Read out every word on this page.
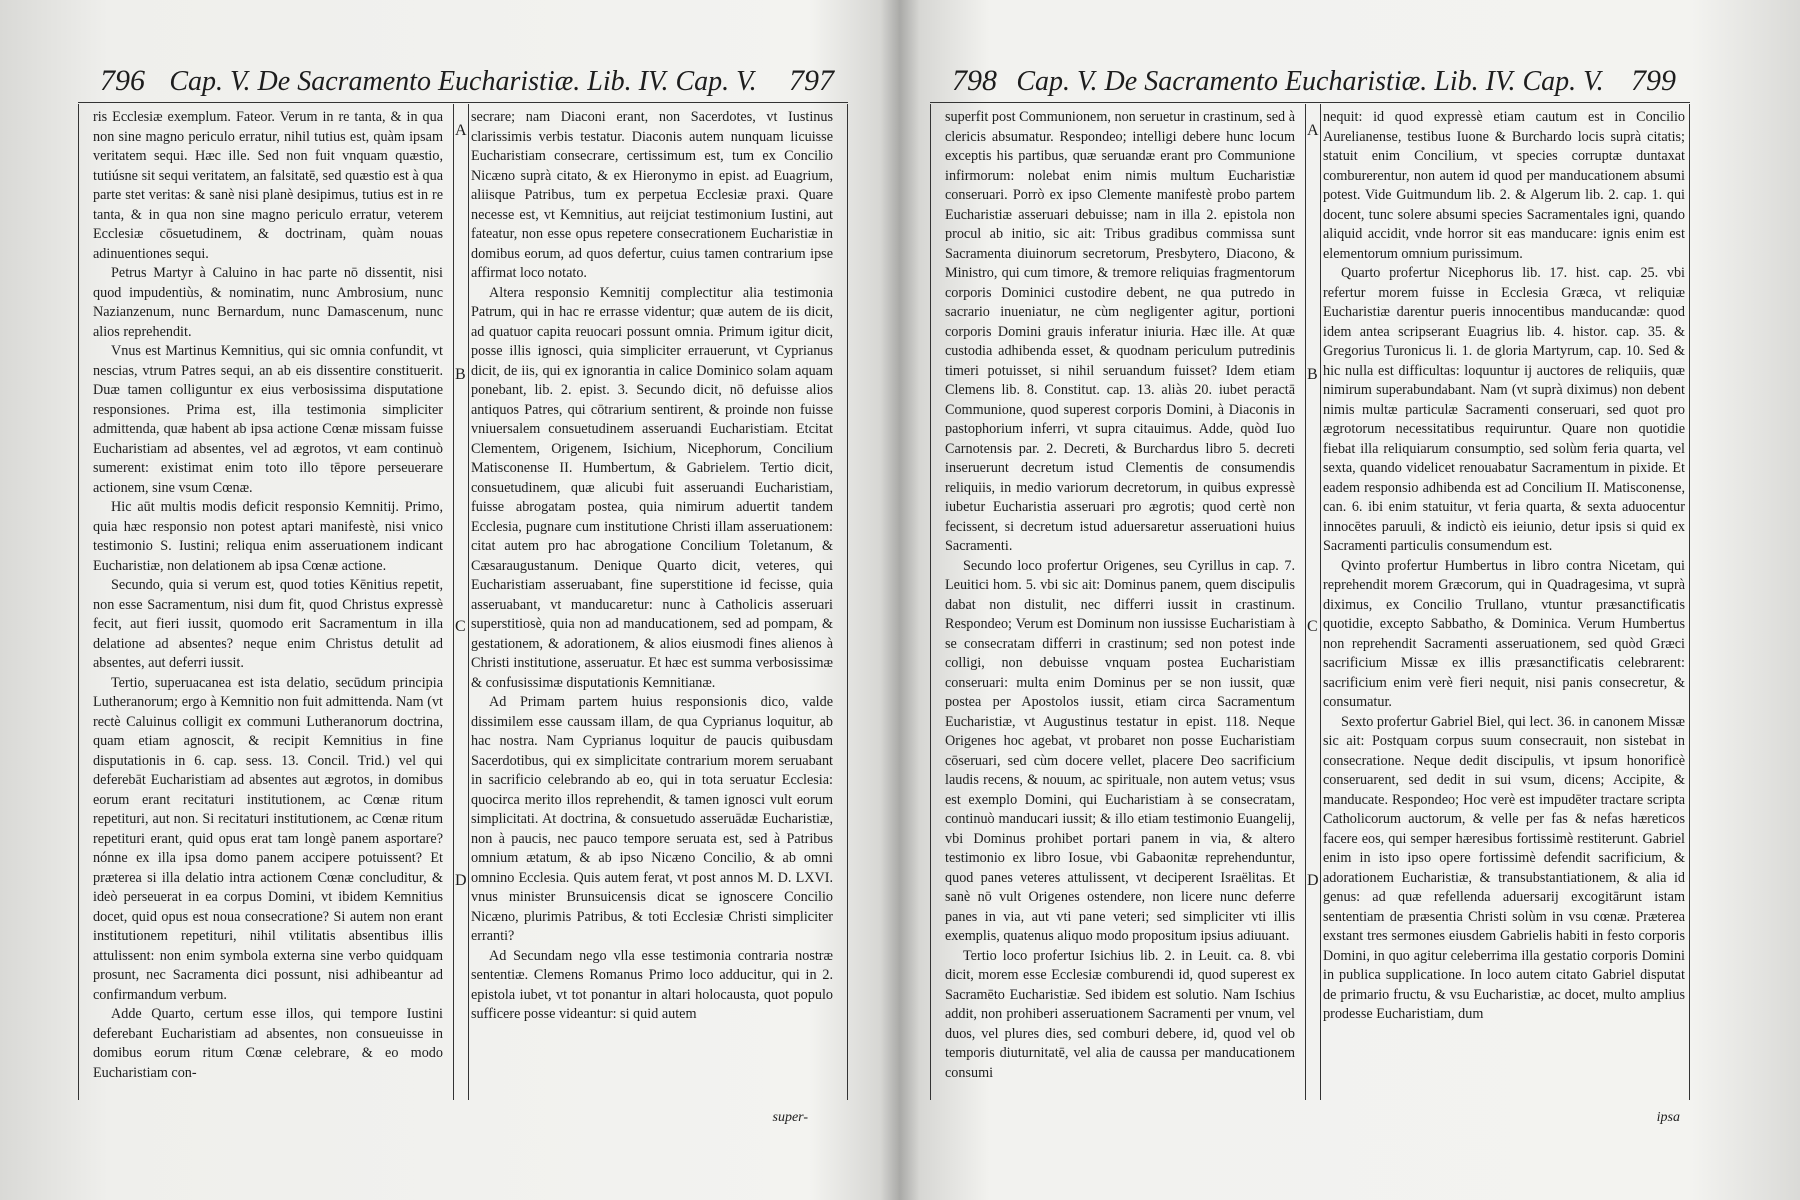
796 Cap. V. De Sacramento Eucharistiæ. Lib. IV. Cap. V.	797

ris Ecclesiæ exemplum. Fateor. Verum in re tanta, & in qua non sine magno periculo erratur, nihil tutius est, quàm ipsam veritatem sequi. Hæc ille. Sed non fuit vnquam quæstio, tutiúsne sit sequi veritatem, an falsitatē, sed quæstio est à qua parte stet veritas: & sanè nisi planè desipimus, tutius est in re tanta, & in qua non sine magno periculo erratur, veterem Ecclesiæ cōsuetudinem, & doctrinam, quàm nouas adinuentiones sequi.

Petrus Martyr à Caluino in hac parte nō dissentit, nisi quod impudentiùs, & nominatim, nunc Ambrosium, nunc Nazianzenum, nunc Bernardum, nunc Damascenum, nunc alios reprehendit.

Vnus est Martinus Kemnitius, qui sic omnia confundit, vt nescias, vtrum Patres sequi, an ab eis dissentire constituerit. Duæ tamen colliguntur ex eius verbosissima disputatione responsiones. Prima est, illa testimonia simpliciter admittenda, quæ habent ab ipsa actione Cœnæ missam fuisse Eucharistiam ad absentes, vel ad ægrotos, vt eam continuò sumerent: existimat enim toto illo tēpore perseuerare actionem, sine vsum Cœnæ.

Hic aūt multis modis deficit responsio Kemnitij. Primo, quia hæc responsio non potest aptari manifestè, nisi vnico testimonio S. Iustini; reliqua enim asseruationem indicant Eucharistiæ, non delationem ab ipsa Cœnæ actione.

Secundo, quia si verum est, quod toties Kēnitius repetit, non esse Sacramentum, nisi dum fit, quod Christus expressè fecit, aut fieri iussit, quomodo erit Sacramentum in illa delatione ad absentes? neque enim Christus detulit ad absentes, aut deferri iussit.

Tertio, superuacanea est ista delatio, secūdum principia Lutheranorum; ergo à Kemnitio non fuit admittenda. Nam (vt rectè Caluinus colligit ex communi Lutheranorum doctrina, quam etiam agnoscit, & recipit Kemnitius in fine disputationis in 6. cap. sess. 13. Concil. Trid.) vel qui deferebāt Eucharistiam ad absentes aut ægrotos, in domibus eorum erant recitaturi institutionem, ac Cœnæ ritum repetituri, aut non. Si recitaturi institutionem, ac Cœnæ ritum repetituri erant, quid opus erat tam longè panem asportare? nónne ex illa ipsa domo panem accipere potuissent? Et præterea si illa delatio intra actionem Cœnæ concluditur, & ideò perseuerat in ea corpus Domini, vt ibidem Kemnitius docet, quid opus est noua consecratione? Si autem non erant institutionem repetituri, nihil vtilitatis absentibus illis attulissent: non enim symbola externa sine verbo quidquam prosunt, nec Sacramenta dici possunt, nisi adhibeantur ad confirmandum verbum.

Adde Quarto, certum esse illos, qui tempore Iustini deferebant Eucharistiam ad absentes, non consueuisse in domibus eorum ritum Cœnæ celebrare, & eo modo Eucharistiam con-

A
B
C
D

secrare; nam Diaconi erant, non Sacerdotes, vt Iustinus clarissimis verbis testatur. Diaconis autem nunquam licuisse Eucharistiam consecrare, certissimum est, tum ex Concilio Nicæno suprà citato, & ex Hieronymo in epist. ad Euagrium, aliisque Patribus, tum ex perpetua Ecclesiæ praxi. Quare necesse est, vt Kemnitius, aut reijciat testimonium Iustini, aut fateatur, non esse opus repetere consecrationem Eucharistiæ in domibus eorum, ad quos defertur, cuius tamen contrarium ipse affirmat loco notato.

Altera responsio Kemnitij complectitur alia testimonia Patrum, qui in hac re errasse videntur; quæ autem de iis dicit, ad quatuor capita reuocari possunt omnia. Primum igitur dicit, posse illis ignosci, quia simpliciter errauerunt, vt Cyprianus dicit, de iis, qui ex ignorantia in calice Dominico solam aquam ponebant, lib. 2. epist. 3. Secundo dicit, nō defuisse alios antiquos Patres, qui cōtrarium sentirent, & proinde non fuisse vniuersalem consuetudinem asseruandi Eucharistiam. Etcitat Clementem, Origenem, Isichium, Nicephorum, Concilium Matisconense II. Humbertum, & Gabrielem. Tertio dicit, consuetudinem, quæ alicubi fuit asseruandi Eucharistiam, fuisse abrogatam postea, quia nimirum aduertit tandem Ecclesia, pugnare cum institutione Christi illam asseruationem: citat autem pro hac abrogatione Concilium Toletanum, & Cæsaraugustanum. Denique Quarto dicit, veteres, qui Eucharistiam asseruabant, fine superstitione id fecisse, quia asseruabant, vt manducaretur: nunc à Catholicis asseruari superstitiosè, quia non ad manducationem, sed ad pompam, & gestationem, & adorationem, & alios eiusmodi fines alienos à Christi institutione, asseruatur. Et hæc est summa verbosissimæ & confusissimæ disputationis Kemnitianæ.

Ad Primam partem huius responsionis dico, valde dissimilem esse caussam illam, de qua Cyprianus loquitur, ab hac nostra. Nam Cyprianus loquitur de paucis quibusdam Sacerdotibus, qui ex simplicitate contrarium morem seruabant in sacrificio celebrando ab eo, qui in tota seruatur Ecclesia: quocirca merito illos reprehendit, & tamen ignosci vult eorum simplicitati. At doctrina, & consuetudo asseruādæ Eucharistiæ, non à paucis, nec pauco tempore seruata est, sed à Patribus omnium ætatum, & ab ipso Nicæno Concilio, & ab omni omnino Ecclesia. Quis autem ferat, vt post annos M. D. LXVI. vnus minister Brunsuicensis dicat se ignoscere Concilio Nicæno, plurimis Patribus, & toti Ecclesiæ Christi simpliciter erranti?

Ad Secundam nego vlla esse testimonia contraria nostræ sententiæ. Clemens Romanus Primo loco adducitur, qui in 2. epistola iubet, vt tot ponantur in altari holocausta, quot populo sufficere posse videantur: si quid autem

super-
798 Cap. V. De Sacramento Eucharistiæ. Lib. IV. Cap. V. 799

superfit post Communionem, non seruetur in crastinum, sed à clericis absumatur. Respondeo; intelligi debere hunc locum exceptis his partibus, quæ seruandæ erant pro Communione infirmorum: nolebat enim nimis multum Eucharistiæ conseruari. Porrò ex ipso Clemente manifestè probo partem Eucharistiæ asseruari debuisse; nam in illa 2. epistola non procul ab initio, sic ait: Tribus gradibus commissa sunt Sacramenta diuinorum secretorum, Presbytero, Diacono, & Ministro, qui cum timore, & tremore reliquias fragmentorum corporis Dominici custodire debent, ne qua putredo in sacrario inueniatur, ne cùm negligenter agitur, portioni corporis Domini grauis inferatur iniuria. Hæc ille. At quæ custodia adhibenda esset, & quodnam periculum putredinis timeri potuisset, si nihil seruandum fuisset? Idem etiam Clemens lib. 8. Constitut. cap. 13. aliàs 20. iubet peractā Communione, quod superest corporis Domini, à Diaconis in pastophorium inferri, vt supra citauimus. Adde, quòd Iuo Carnotensis par. 2. Decreti, & Burchardus libro 5. decreti inseruerunt decretum istud Clementis de consumendis reliquiis, in medio variorum decretorum, in quibus expressè iubetur Eucharistia asseruari pro ægrotis; quod certè non fecissent, si decretum istud aduersaretur asseruationi huius Sacramenti.

Secundo loco profertur Origenes, seu Cyrillus in cap. 7. Leuitici hom. 5. vbi sic ait: Dominus panem, quem discipulis dabat non distulit, nec differri iussit in crastinum. Respondeo; Verum est Dominum non iussisse Eucharistiam à se consecratam differri in crastinum; sed non potest inde colligi, non debuisse vnquam postea Eucharistiam conseruari: multa enim Dominus per se non iussit, quæ postea per Apostolos iussit, etiam circa Sacramentum Eucharistiæ, vt Augustinus testatur in epist. 118. Neque Origenes hoc agebat, vt probaret non posse Eucharistiam cōseruari, sed cùm docere vellet, placere Deo sacrificium laudis recens, & nouum, ac spirituale, non autem vetus; vsus est exemplo Domini, qui Eucharistiam à se consecratam, continuò manducari iussit; & illo etiam testimonio Euangelij, vbi Dominus prohibet portari panem in via, & altero testimonio ex libro Iosue, vbi Gabaonitæ reprehenduntur, quod panes veteres attulissent, vt deciperent Israëlitas. Et sanè nō vult Origenes ostendere, non licere nunc deferre panes in via, aut vti pane veteri; sed simpliciter vti illis exemplis, quatenus aliquo modo propositum ipsius adiuuant.

Tertio loco profertur Isichius lib. 2. in Leuit. ca. 8. vbi dicit, morem esse Ecclesiæ comburendi id, quod superest ex Sacramēto Eucharistiæ. Sed ibidem est solutio. Nam Ischius addit, non prohiberi asseruationem Sacramenti per vnum, vel duos, vel plures dies, sed comburi debere, id, quod vel ob temporis diuturnitatē, vel alia de caussa per manducationem consumi

A
B
C
D

nequit: id quod expressè etiam cautum est in Concilio Aurelianense, testibus Iuone & Burchardo locis suprà citatis; statuit enim Concilium, vt species corruptæ duntaxat comburerentur, non autem id quod per manducationem absumi potest. Vide Guitmundum lib. 2. & Algerum lib. 2. cap. 1. qui docent, tunc solere absumi species Sacramentales igni, quando aliquid accidit, vnde horror sit eas manducare: ignis enim est elementorum omnium purissimum.

Quarto profertur Nicephorus lib. 17. hist. cap. 25. vbi refertur morem fuisse in Ecclesia Græca, vt reliquiæ Eucharistiæ darentur pueris innocentibus manducandæ: quod idem antea scripserant Euagrius lib. 4. histor. cap. 35. & Gregorius Turonicus li. 1. de gloria Martyrum, cap. 10. Sed & hic nulla est difficultas: loquuntur ij auctores de reliquiis, quæ nimirum superabundabant. Nam (vt suprà diximus) non debent nimis multæ particulæ Sacramenti conseruari, sed quot pro ægrotorum necessitatibus requiruntur. Quare non quotidie fiebat illa reliquiarum consumptio, sed solùm feria quarta, vel sexta, quando videlicet renouabatur Sacramentum in pixide. Et eadem responsio adhibenda est ad Concilium II. Matisconense, can. 6. ibi enim statuitur, vt feria quarta, & sexta aduocentur innocētes paruuli, & indictò eis ieiunio, detur ipsis si quid ex Sacramenti particulis consumendum est.

Qvinto profertur Humbertus in libro contra Nicetam, qui reprehendit morem Græcorum, qui in Quadragesima, vt suprà diximus, ex Concilio Trullano, vtuntur præsanctificatis quotidie, excepto Sabbatho, & Dominica. Verum Humbertus non reprehendit Sacramenti asseruationem, sed quòd Græci sacrificium Missæ ex illis præsanctificatis celebrarent: sacrificium enim verè fieri nequit, nisi panis consecretur, & consumatur.

Sexto profertur Gabriel Biel, qui lect. 36. in canonem Missæ sic ait: Postquam corpus suum consecrauit, non sistebat in consecratione. Neque dedit discipulis, vt ipsum honorificè conseruarent, sed dedit in sui vsum, dicens; Accipite, & manducate. Respondeo; Hoc verè est impudēter tractare scripta Catholicorum auctorum, & velle per fas & nefas hæreticos facere eos, qui semper hæresibus fortissimè restiterunt. Gabriel enim in isto ipso opere fortissimè defendit sacrificium, & adorationem Eucharistiæ, & transubstantiationem, & alia id genus: ad quæ refellenda aduersarij excogitārunt istam sententiam de præsentia Christi solùm in vsu cœnæ. Præterea exstant tres sermones eiusdem Gabrielis habiti in festo corporis Domini, in quo agitur celeberrima illa gestatio corporis Domini in publica supplicatione. In loco autem citato Gabriel disputat de primario fructu, & vsu Eucharistiæ, ac docet, multo amplius prodesse Eucharistiam, dum

ipsa
